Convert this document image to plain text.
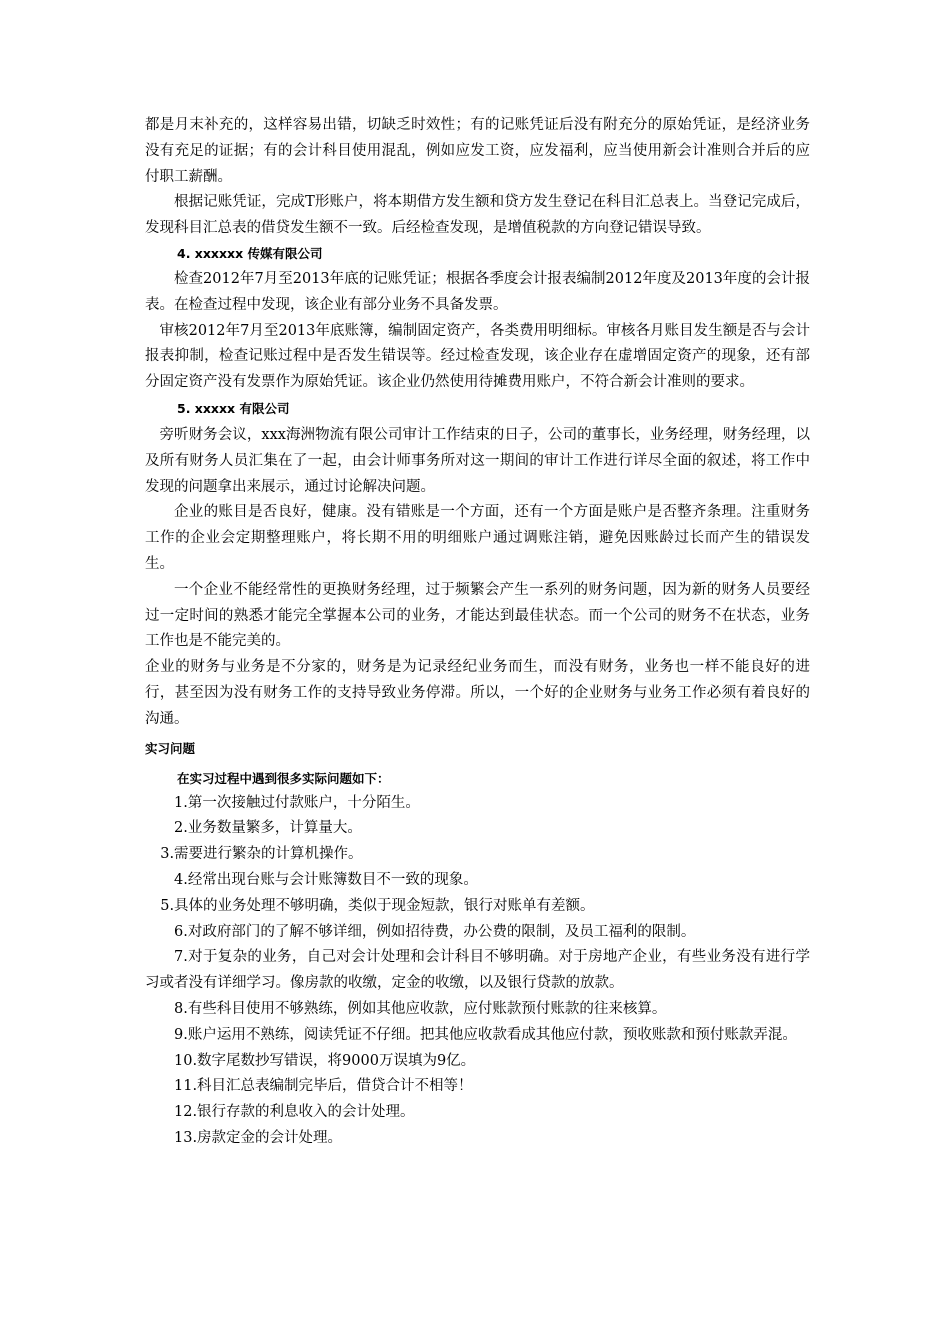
都是月末补充的，这样容易出错，切缺乏时效性；有的记账凭证后没有附充分的原始凭证，是经济业务没有充足的证据；有的会计科目使用混乱，例如应发工资，应发福利，应当使用新会计准则合并后的应付职工薪酬。

根据记账凭证，完成T形账户，将本期借方发生额和贷方发生登记在科目汇总表上。当登记完成后，发现科目汇总表的借贷发生额不一致。后经检查发现，是增值税款的方向登记错误导致。

4. xxxxxx 传媒有限公司

检查2012年7月至2013年底的记账凭证；根据各季度会计报表编制2012年度及2013年度的会计报表。在检查过程中发现，该企业有部分业务不具备发票。

审核2012年7月至2013年底账簿，编制固定资产，各类费用明细标。审核各月账目发生额是否与会计报表抑制，检查记账过程中是否发生错误等。经过检查发现，该企业存在虚增固定资产的现象，还有部分固定资产没有发票作为原始凭证。该企业仍然使用待摊费用账户，不符合新会计准则的要求。

5. xxxxx 有限公司

旁听财务会议，xxx海洲物流有限公司审计工作结束的日子，公司的董事长，业务经理，财务经理，以及所有财务人员汇集在了一起，由会计师事务所对这一期间的审计工作进行详尽全面的叙述，将工作中发现的问题拿出来展示，通过讨论解决问题。

企业的账目是否良好，健康。没有错账是一个方面，还有一个方面是账户是否整齐条理。注重财务工作的企业会定期整理账户，将长期不用的明细账户通过调账注销，避免因账龄过长而产生的错误发生。

一个企业不能经常性的更换财务经理，过于频繁会产生一系列的财务问题，因为新的财务人员要经过一定时间的熟悉才能完全掌握本公司的业务，才能达到最佳状态。而一个公司的财务不在状态，业务工作也是不能完美的。

企业的财务与业务是不分家的，财务是为记录经纪业务而生，而没有财务，业务也一样不能良好的进行，甚至因为没有财务工作的支持导致业务停滞。所以，一个好的企业财务与业务工作必须有着良好的沟通。

实习问题
在实习过程中遇到很多实际问题如下：

1.第一次接触过付款账户，十分陌生。

2.业务数量繁多，计算量大。

3.需要进行繁杂的计算机操作。

4.经常出现台账与会计账簿数目不一致的现象。

5.具体的业务处理不够明确，类似于现金短款，银行对账单有差额。

6.对政府部门的了解不够详细，例如招待费，办公费的限制，及员工福利的限制。

7.对于复杂的业务，自己对会计处理和会计科目不够明确。对于房地产企业，有些业务没有进行学习或者没有详细学习。像房款的收缴，定金的收缴，以及银行贷款的放款。

8.有些科目使用不够熟练，例如其他应收款，应付账款预付账款的往来核算。

9.账户运用不熟练，阅读凭证不仔细。把其他应收款看成其他应付款，预收账款和预付账款弄混。

10.数字尾数抄写错误，将9000万误填为9亿。

11.科目汇总表编制完毕后，借贷合计不相等！

12.银行存款的利息收入的会计处理。

13.房款定金的会计处理。
